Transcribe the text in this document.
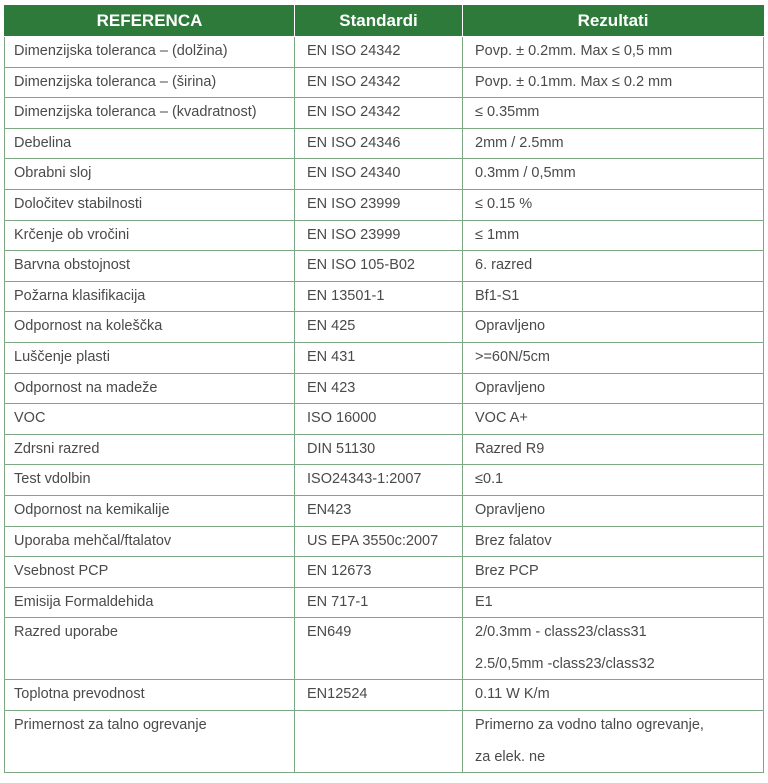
REFERENCA	Standardi	Rezultati
Dimenzijska toleranca – (dolžina)	EN ISO 24342	Povp. ± 0.2mm. Max ≤ 0,5 mm

Dimenzijska toleranca – (širina)	EN ISO 24342	Povp. ± 0.1mm. Max ≤ 0.2 mm

Dimenzijska toleranca – (kvadratnost)	EN ISO 24342	≤ 0.35mm

Debelina	EN ISO 24346	2mm / 2.5mm

Obrabni sloj	EN ISO 24340	0.3mm / 0,5mm

Določitev stabilnosti	EN ISO 23999	≤ 0.15 %

Krčenje ob vročini	EN ISO 23999	≤ 1mm

Barvna obstojnost	EN ISO 105-B02	6. razred

Požarna klasifikacija	EN 13501-1	Bf1-S1

Odpornost na koleščka	EN 425	Opravljeno

Luščenje plasti	EN 431	>=60N/5cm

Odpornost na madeže	EN 423	Opravljeno

VOC	ISO 16000	VOC A+

Zdrsni razred	DIN 51130	Razred R9

Test vdolbin	ISO24343-1:2007	≤0.1

Odpornost na kemikalije	EN423	Opravljeno

Uporaba mehčal/ftalatov	US EPA 3550c:2007	Brez falatov

Vsebnost PCP	EN 12673	Brez PCP

Emisija Formaldehida	EN 717-1	E1

Razred uporabe	EN649	2/0.3mm - class23/class31
2.5/0,5mm -class23/class32

Toplotna prevodnost	EN12524	0.11 W K/m

Primernost za talno ogrevanje		Primerno za vodno talno ogrevanje,
za elek. ne
